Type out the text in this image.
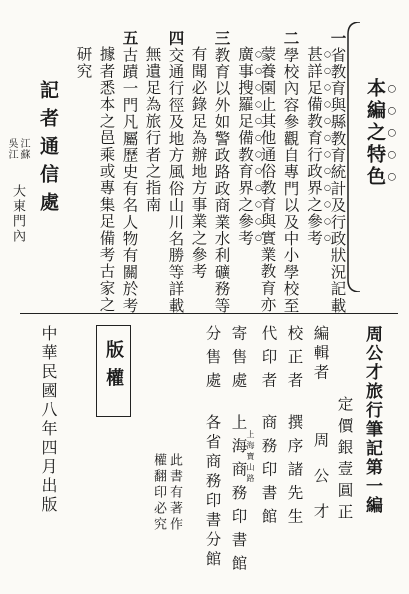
本編之特色
一省教育與縣教育統計及行政狀況記載
甚詳足備教育行政界之參考
二學校內容參觀自專門以及中小學校至
蒙養園止其他通俗教育與實業教育亦
廣事搜羅足備教育界之參考
三教育以外如警政路政商業水利礦務等
有聞必錄足為辦地方事業之參考
四交通行徑及地方風俗山川名勝等詳載
無遺足為旅行者之指南
五古蹟一門凡屬歷史有名人物有關於考
據者悉本之邑乘或專集足備考古家之
研究
記者通信處
江蘇
吳江
大東門內
周公才旅行筆記第一編
定價銀壹圓正
編輯者
周公才
校正者
撰序諸先生
代印者
商務印書館
上海寶山路
寄售處
上海商務印書館
分售處
各省商務印書分館
此書有著作
權翻印必究
版權
中華民國八年四月出版
